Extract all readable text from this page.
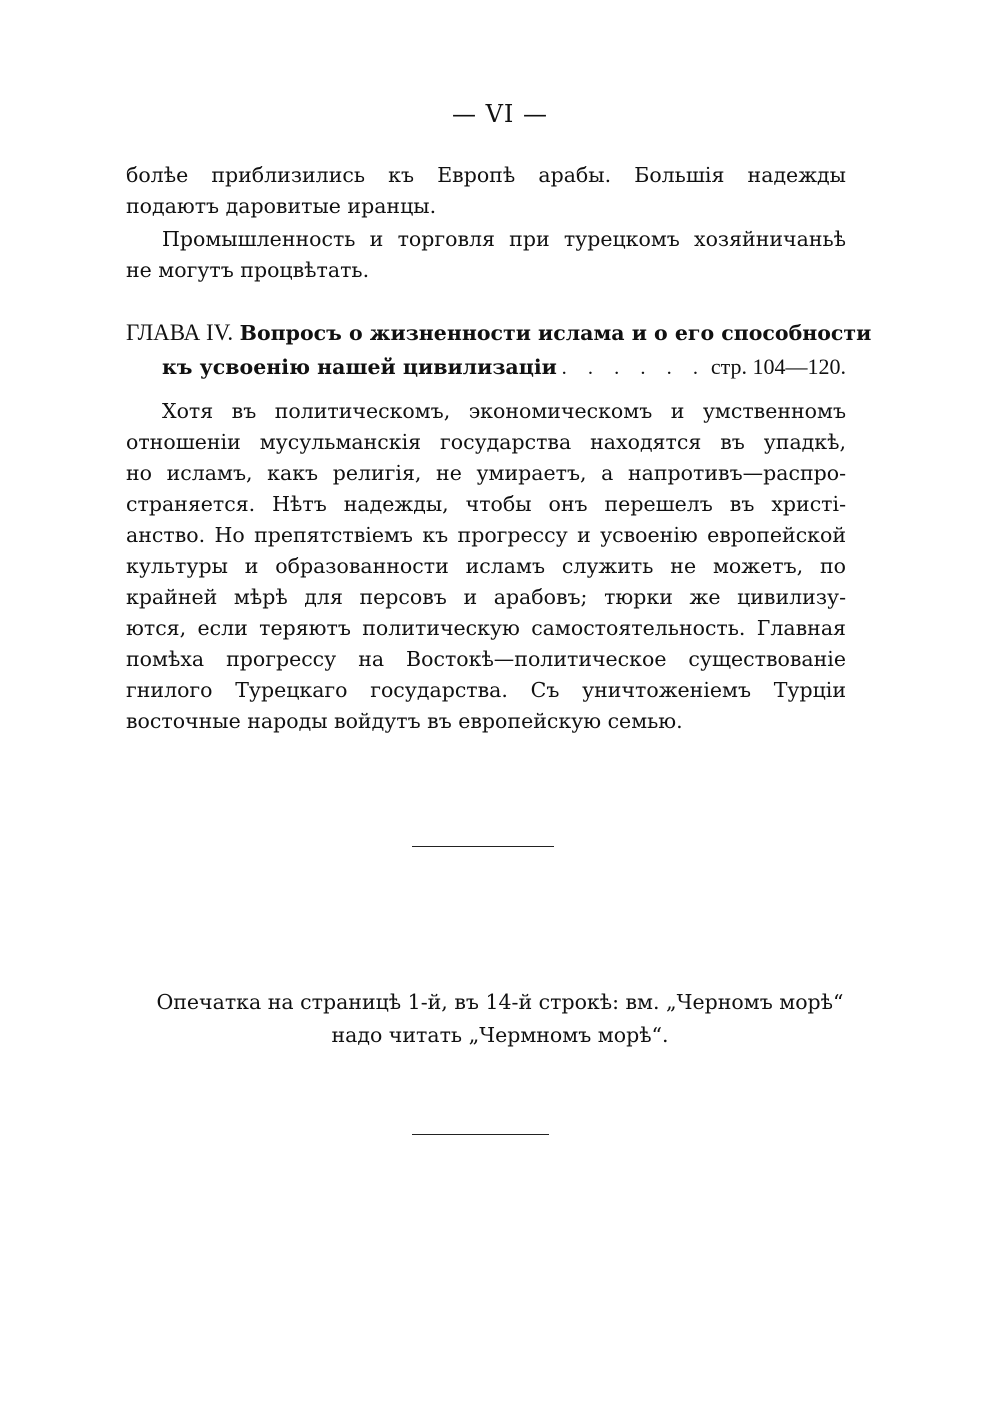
— VI —
болѣе приблизились къ Европѣ арабы. Большія надежды
подаютъ даровитые иранцы.
Промышленность и торговля при турецкомъ хозяйничаньѣ
не могутъ процвѣтать.
ГЛАВА IV. Вопросъ о жизненности ислама и о его способности
къ усвоенію нашей цивилизаціи . . . . . . стр. 104—120.
Хотя въ политическомъ, экономическомъ и умственномъ
отношеніи мусульманскія государства находятся въ упадкѣ,
но исламъ, какъ религія, не умираетъ, а напротивъ—распро-
страняется. Нѣтъ надежды, чтобы онъ перешелъ въ христі-
анство. Но препятствіемъ къ прогрессу и усвоенію европейской
культуры и образованности исламъ служить не можетъ, по
крайней мѣрѣ для персовъ и арабовъ; тюрки же цивилизу-
ются, если теряютъ политическую самостоятельность. Главная
помѣха прогрессу на Востокѣ—политическое существованіе
гнилого Турецкаго государства. Съ уничтоженіемъ Турціи
восточные народы войдутъ въ европейскую семью.
Опечатка на страницѣ 1-й, въ 14-й строкѣ: вм. „Черномъ морѣ“
надо читать „Чермномъ морѣ“.
